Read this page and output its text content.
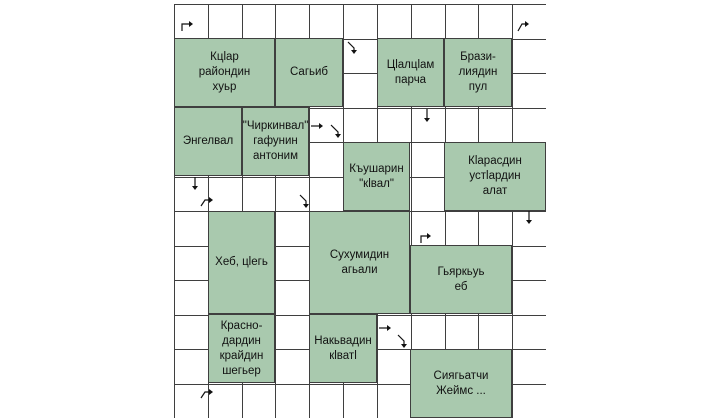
Кцlар
райондин
хуьр
Сагьиб
Цlалцlам
парча
Брази-
лиядин
пул
Энгелвал
"Чиркинвал"
гафунин
антоним
Къушарин
"кlвал"
Кlарасдин
устlардин
алат
Хеб, цlегь
Сухумидин
агьали	Гьяркьуь
еб
Красно-
дардин
крайдин
шегьер
Накьвадин
кlватl
Сиягьатчи
Жеймс ...
